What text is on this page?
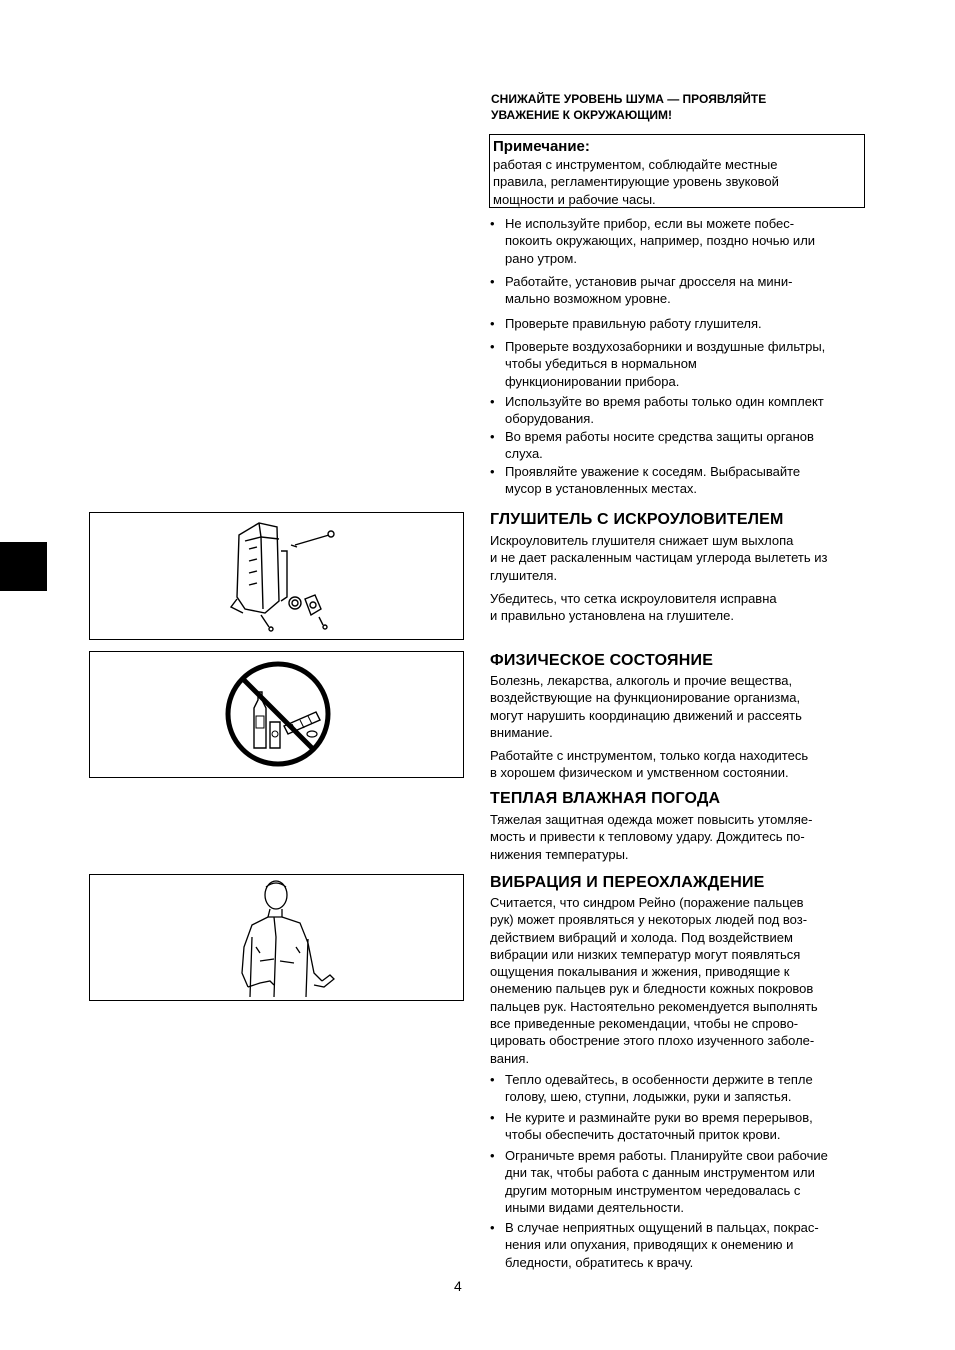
СНИЖАЙТЕ УРОВЕНЬ ШУМА — ПРОЯВЛЯЙТЕ
УВАЖЕНИЕ К ОКРУЖАЮЩИМ!
Примечание:
работая с инструментом, соблюдайте местные
правила, регламентирующие уровень звуковой
мощности и рабочие часы.
• Не используйте прибор, если вы можете побес-
покоить окружающих, например, поздно ночью или
рано утром.
• Работайте, установив рычаг дросселя на мини-
мально возможном уровне.
• Проверьте правильную работу глушителя.
• Проверьте воздухозаборники и воздушные фильтры,
чтобы убедиться в нормальном
функционировании прибора.
• Используйте во время работы только один комплект
оборудования.
• Во время работы носите средства защиты органов
слуха.
• Проявляйте уважение к соседям. Выбрасывайте
мусор в установленных местах.
ГЛУШИТЕЛЬ С ИСКРОУЛОВИТЕЛЕМ
Искроуловитель глушителя снижает шум выхлопа
и не дает раскаленным частицам углерода вылететь из
глушителя.
Убедитесь, что сетка искроуловителя исправна
и правильно установлена на глушителе.
ФИЗИЧЕСКОЕ СОСТОЯНИЕ
Болезнь, лекарства, алкоголь и прочие вещества,
воздействующие на функционирование организма,
могут нарушить координацию движений и рассеять
внимание.
Работайте с инструментом, только когда находитесь
в хорошем физическом и умственном состоянии.
ТЕПЛАЯ ВЛАЖНАЯ ПОГОДА
Тяжелая защитная одежда может повысить утомляе-
мость и привести к тепловому удару. Дождитесь по-
нижения температуры.
ВИБРАЦИЯ И ПЕРЕОХЛАЖДЕНИЕ
Считается, что синдром Рейно (поражение пальцев
рук) может проявляться у некоторых людей под воз-
действием вибраций и холода. Под воздействием
вибрации или низких температур могут появляться
ощущения покалывания и жжения, приводящие к
онемению пальцев рук и бледности кожных покровов
пальцев рук. Настоятельно рекомендуется выполнять
все приведенные рекомендации, чтобы не спрово-
цировать обострение этого плохо изученного заболе-
вания.
• Тепло одевайтесь, в особенности держите в тепле
голову, шею, ступни, лодыжки, руки и запястья.
• Не курите и разминайте руки во время перерывов,
чтобы обеспечить достаточный приток крови.
• Ограничьте время работы. Планируйте свои рабочие
дни так, чтобы работа с данным инструментом или
другим моторным инструментом чередовалась с
иными видами деятельности.
• В случае неприятных ощущений в пальцах, покрас-
нения или опухания, приводящих к онемению и
бледности, обратитесь к врачу.
4
